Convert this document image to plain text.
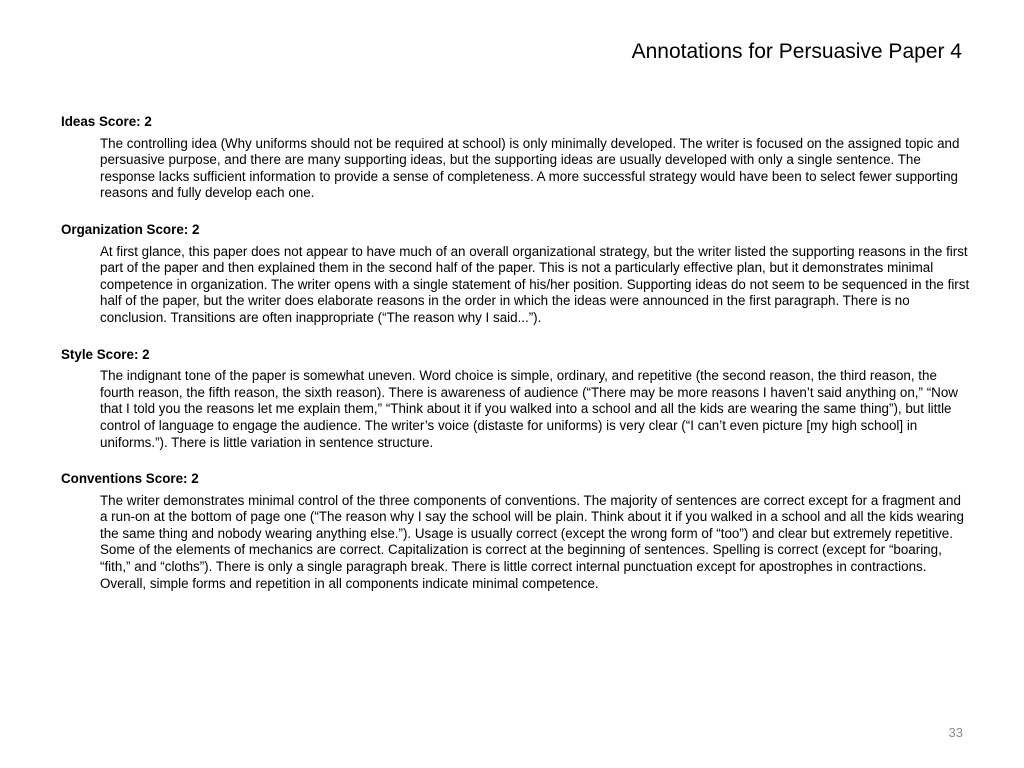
Annotations for Persuasive Paper 4
Ideas Score: 2

The controlling idea (Why uniforms should not be required at school) is only minimally developed. The writer is focused on the assigned topic and persuasive purpose, and there are many supporting ideas, but the supporting ideas are usually developed with only a single sentence. The response lacks sufficient information to provide a sense of completeness. A more successful strategy would have been to select fewer supporting reasons and fully develop each one.

Organization Score: 2

At first glance, this paper does not appear to have much of an overall organizational strategy, but the writer listed the supporting reasons in the first part of the paper and then explained them in the second half of the paper. This is not a particularly effective plan, but it demonstrates minimal competence in organization. The writer opens with a single statement of his/her position. Supporting ideas do not seem to be sequenced in the first half of the paper, but the writer does elaborate reasons in the order in which the ideas were announced in the first paragraph. There is no conclusion. Transitions are often inappropriate (“The reason why I said...”).

Style Score: 2

The indignant tone of the paper is somewhat uneven. Word choice is simple, ordinary, and repetitive (the second reason, the third reason, the fourth reason, the fifth reason, the sixth reason). There is awareness of audience (“There may be more reasons I haven’t said anything on,” “Now that I told you the reasons let me explain them,” “Think about it if you walked into a school and all the kids are wearing the same thing”), but little control of language to engage the audience. The writer’s voice (distaste for uniforms) is very clear (“I can’t even picture [my high school] in uniforms.”). There is little variation in sentence structure.

Conventions Score: 2

The writer demonstrates minimal control of the three components of conventions. The majority of sentences are correct except for a fragment and a run-on at the bottom of page one (“The reason why I say the school will be plain. Think about it if you walked in a school and all the kids wearing the same thing and nobody wearing anything else.”). Usage is usually correct (except the wrong form of “too”) and clear but extremely repetitive. Some of the elements of mechanics are correct. Capitalization is correct at the beginning of sentences. Spelling is correct (except for “boaring, “fith,” and “cloths”). There is only a single paragraph break. There is little correct internal punctuation except for apostrophes in contractions. Overall, simple forms and repetition in all components indicate minimal competence.

33
